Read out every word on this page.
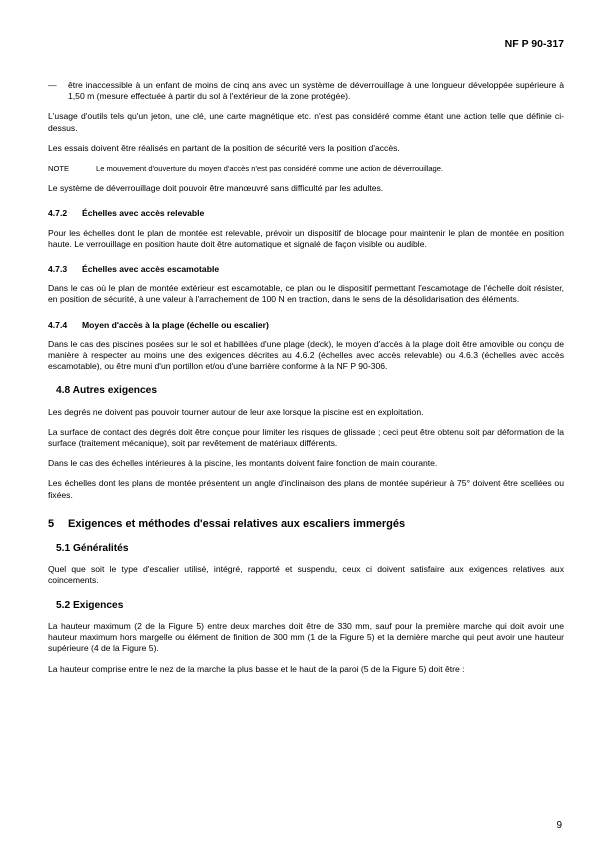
NF P 90-317
—	être inaccessible à un enfant de moins de cinq ans avec un système de déverrouillage à une longueur développée supérieure à 1,50 m (mesure effectuée à partir du sol à l'extérieur de la zone protégée).

L'usage d'outils tels qu'un jeton, une clé, une carte magnétique etc. n'est pas considéré comme étant une action telle que définie ci-dessus.

Les essais doivent être réalisés en partant de la position de sécurité vers la position d'accès.

NOTE	Le mouvement d'ouverture du moyen d'accès n'est pas considéré comme une action de déverrouillage.

Le système de déverrouillage doit pouvoir être manœuvré sans difficulté par les adultes.

4.7.2 Échelles avec accès relevable

Pour les échelles dont le plan de montée est relevable, prévoir un dispositif de blocage pour maintenir le plan de montée en position haute. Le verrouillage en position haute doit être automatique et signalé de façon visible ou audible.

4.7.3 Échelles avec accès escamotable

Dans le cas où le plan de montée extérieur est escamotable, ce plan ou le dispositif permettant l'escamotage de l'échelle doit résister, en position de sécurité, à une valeur à l'arrachement de 100 N en traction, dans le sens de la désolidarisation des éléments.

4.7.4 Moyen d'accès à la plage (échelle ou escalier)

Dans le cas des piscines posées sur le sol et habillées d'une plage (deck), le moyen d'accès à la plage doit être amovible ou conçu de manière à respecter au moins une des exigences décrites au 4.6.2 (échelles avec accès relevable) ou 4.6.3 (échelles avec accès escamotable), ou être muni d'un portillon et/ou d'une barrière conforme à la NF P 90-306.

4.8 Autres exigences

Les degrés ne doivent pas pouvoir tourner autour de leur axe lorsque la piscine est en exploitation.

La surface de contact des degrés doit être conçue pour limiter les risques de glissade ; ceci peut être obtenu soit par déformation de la surface (traitement mécanique), soit par revêtement de matériaux différents.

Dans le cas des échelles intérieures à la piscine, les montants doivent faire fonction de main courante.

Les échelles dont les plans de montée présentent un angle d'inclinaison des plans de montée supérieur à 75° doivent être scellées ou fixées.

5 Exigences et méthodes d'essai relatives aux escaliers immergés
5.1 Généralités

Quel que soit le type d'escalier utilisé, intégré, rapporté et suspendu, ceux ci doivent satisfaire aux exigences relatives aux coincements.

5.2 Exigences

La hauteur maximum (2 de la Figure 5) entre deux marches doit être de 330 mm, sauf pour la première marche qui doit avoir une hauteur maximum hors margelle ou élément de finition de 300 mm (1 de la Figure 5) et la dernière marche qui peut avoir une hauteur supérieure (4 de la Figure 5).

La hauteur comprise entre le nez de la marche la plus basse et le haut de la paroi (5 de la Figure 5) doit être :

9
